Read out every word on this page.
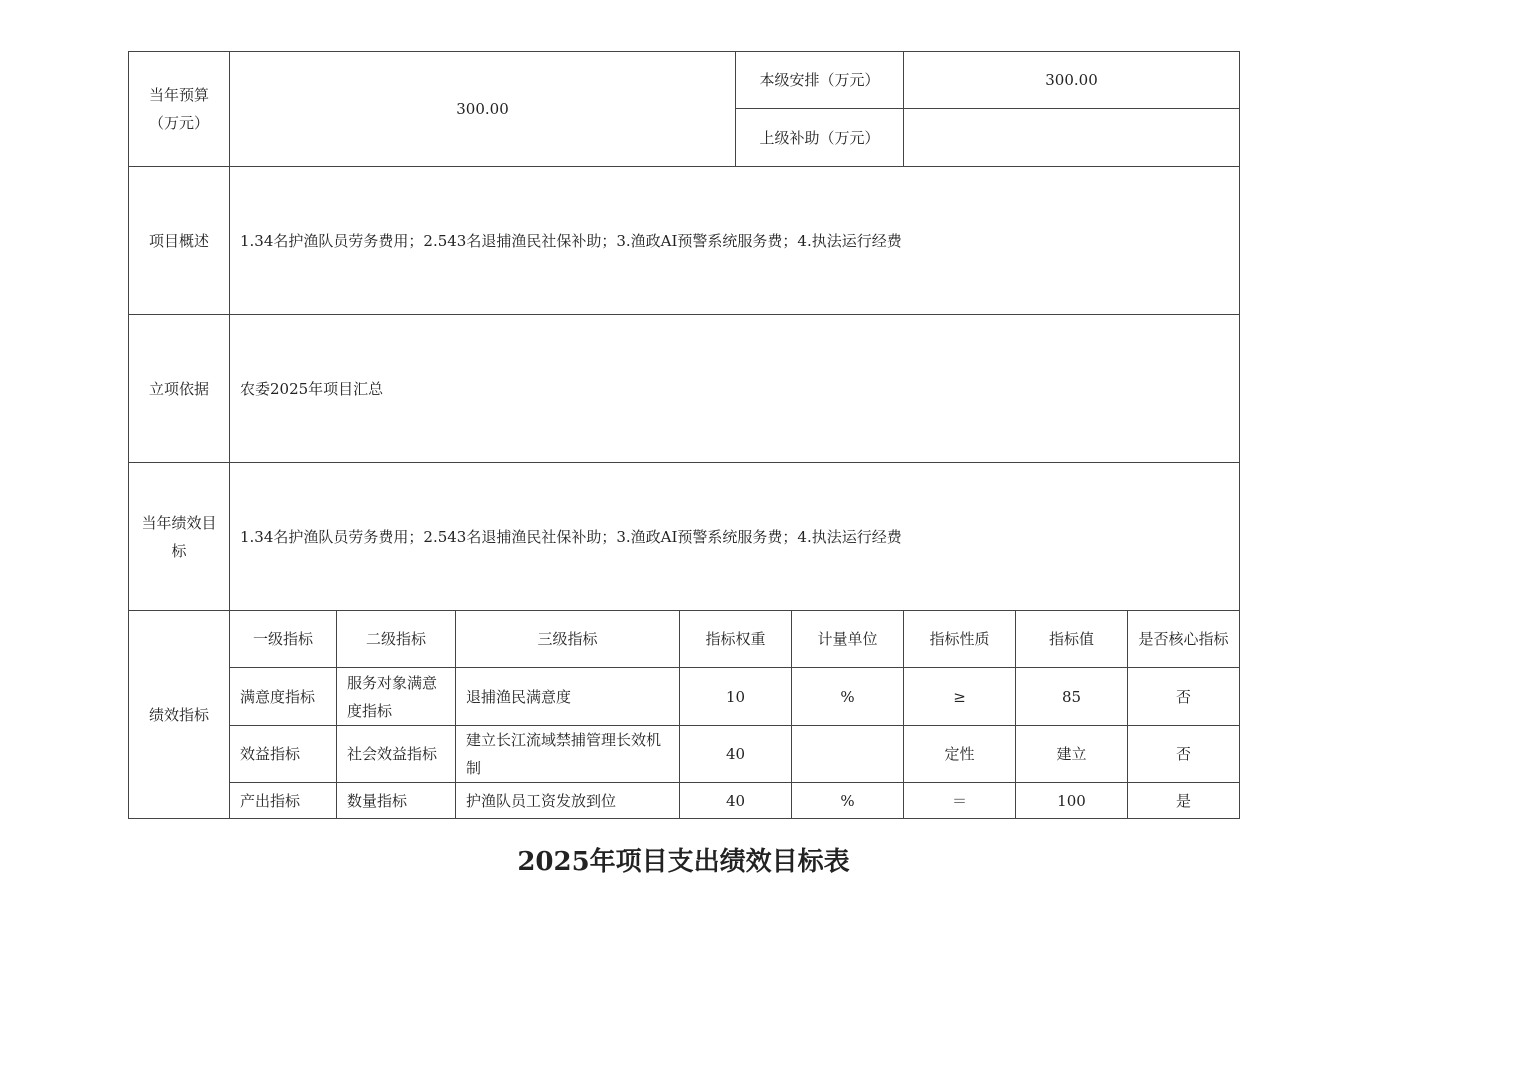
当年预算（万元）	300.00				本级安排（万元）		300.00		
					上级补助（万元）				
项目概述	1.34名护渔队员劳务费用；2.543名退捕渔民社保补助；3.渔政AI预警系统服务费；4.执法运行经费								
立项依据	农委2025年项目汇总								
当年绩效目标	1.34名护渔队员劳务费用；2.543名退捕渔民社保补助；3.渔政AI预警系统服务费；4.执法运行经费								
绩效指标	一级指标	二级指标	三级指标	指标权重		计量单位	指标性质	指标值	是否核心指标
	满意度指标	服务对象满意度指标	退捕渔民满意度	10		%	≥	85	否
	效益指标	社会效益指标	建立长江流域禁捕管理长效机制	40			定性	建立	否
	产出指标	数量指标	护渔队员工资发放到位	40		%	＝	100	是
2025年项目支出绩效目标表
